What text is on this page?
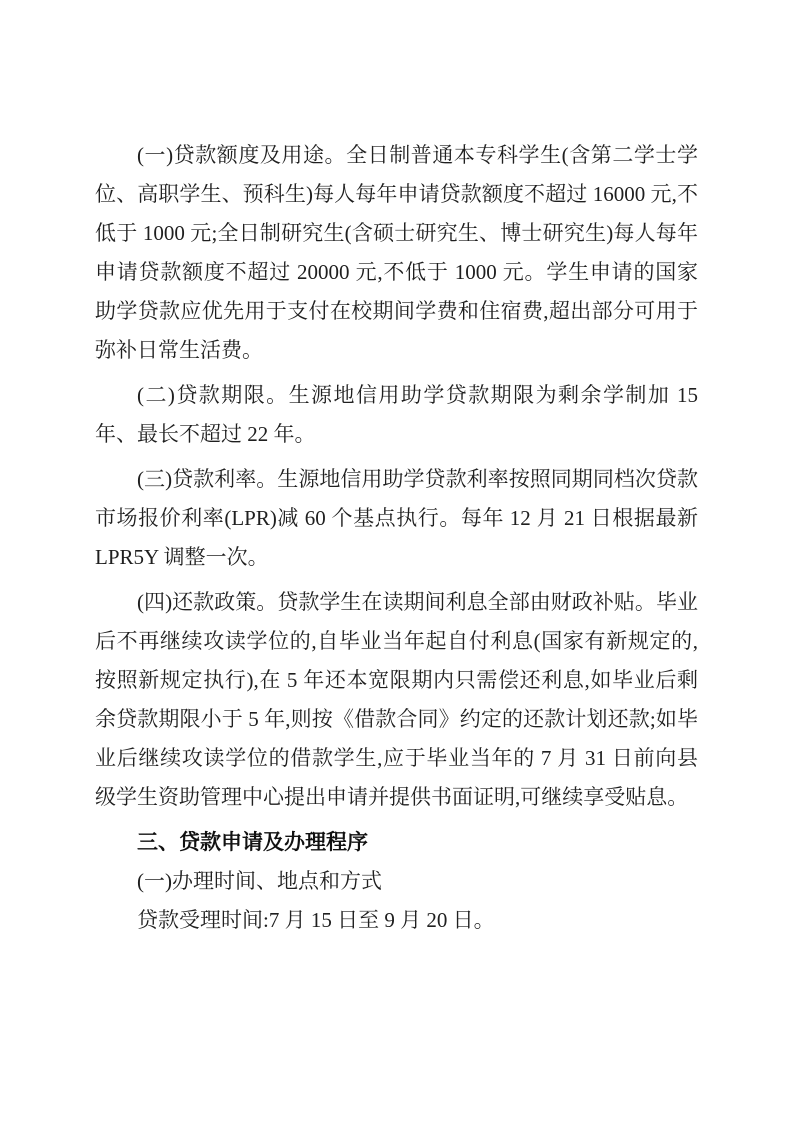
(一)贷款额度及用途。全日制普通本专科学生(含第二学士学位、高职学生、预科生)每人每年申请贷款额度不超过 16000 元,不低于 1000 元;全日制研究生(含硕士研究生、博士研究生)每人每年申请贷款额度不超过 20000 元,不低于 1000 元。学生申请的国家助学贷款应优先用于支付在校期间学费和住宿费,超出部分可用于弥补日常生活费。

(二)贷款期限。生源地信用助学贷款期限为剩余学制加 15 年、最长不超过 22 年。

(三)贷款利率。生源地信用助学贷款利率按照同期同档次贷款市场报价利率(LPR)减 60 个基点执行。每年 12 月 21 日根据最新 LPR5Y 调整一次。

(四)还款政策。贷款学生在读期间利息全部由财政补贴。毕业后不再继续攻读学位的,自毕业当年起自付利息(国家有新规定的,按照新规定执行),在 5 年还本宽限期内只需偿还利息,如毕业后剩余贷款期限小于 5 年,则按《借款合同》约定的还款计划还款;如毕业后继续攻读学位的借款学生,应于毕业当年的 7 月 31 日前向县级学生资助管理中心提出申请并提供书面证明,可继续享受贴息。

三、贷款申请及办理程序

(一)办理时间、地点和方式

贷款受理时间:7 月 15 日至 9 月 20 日。
